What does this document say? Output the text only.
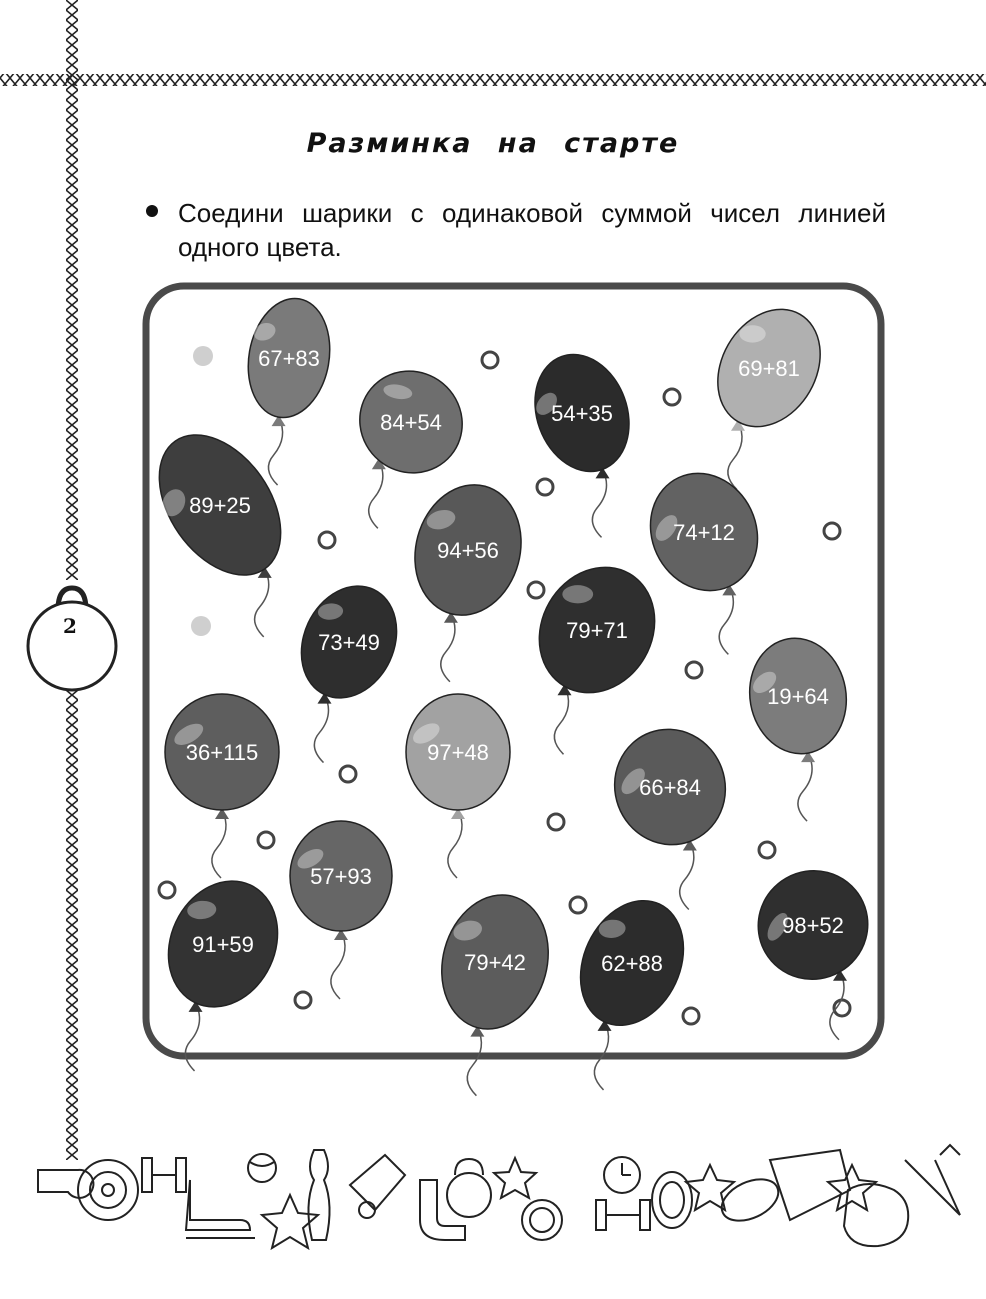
67+83
84+54	54+35
69+81
89+25
94+56
74+12
73+49	79+71
19+64
36+115	97+48
66+84
57+93
91+59
79+42	62+88
98+52
Разминка на старте
Соедини шарики с одинаковой суммой чисел линией одного цвета.
2
